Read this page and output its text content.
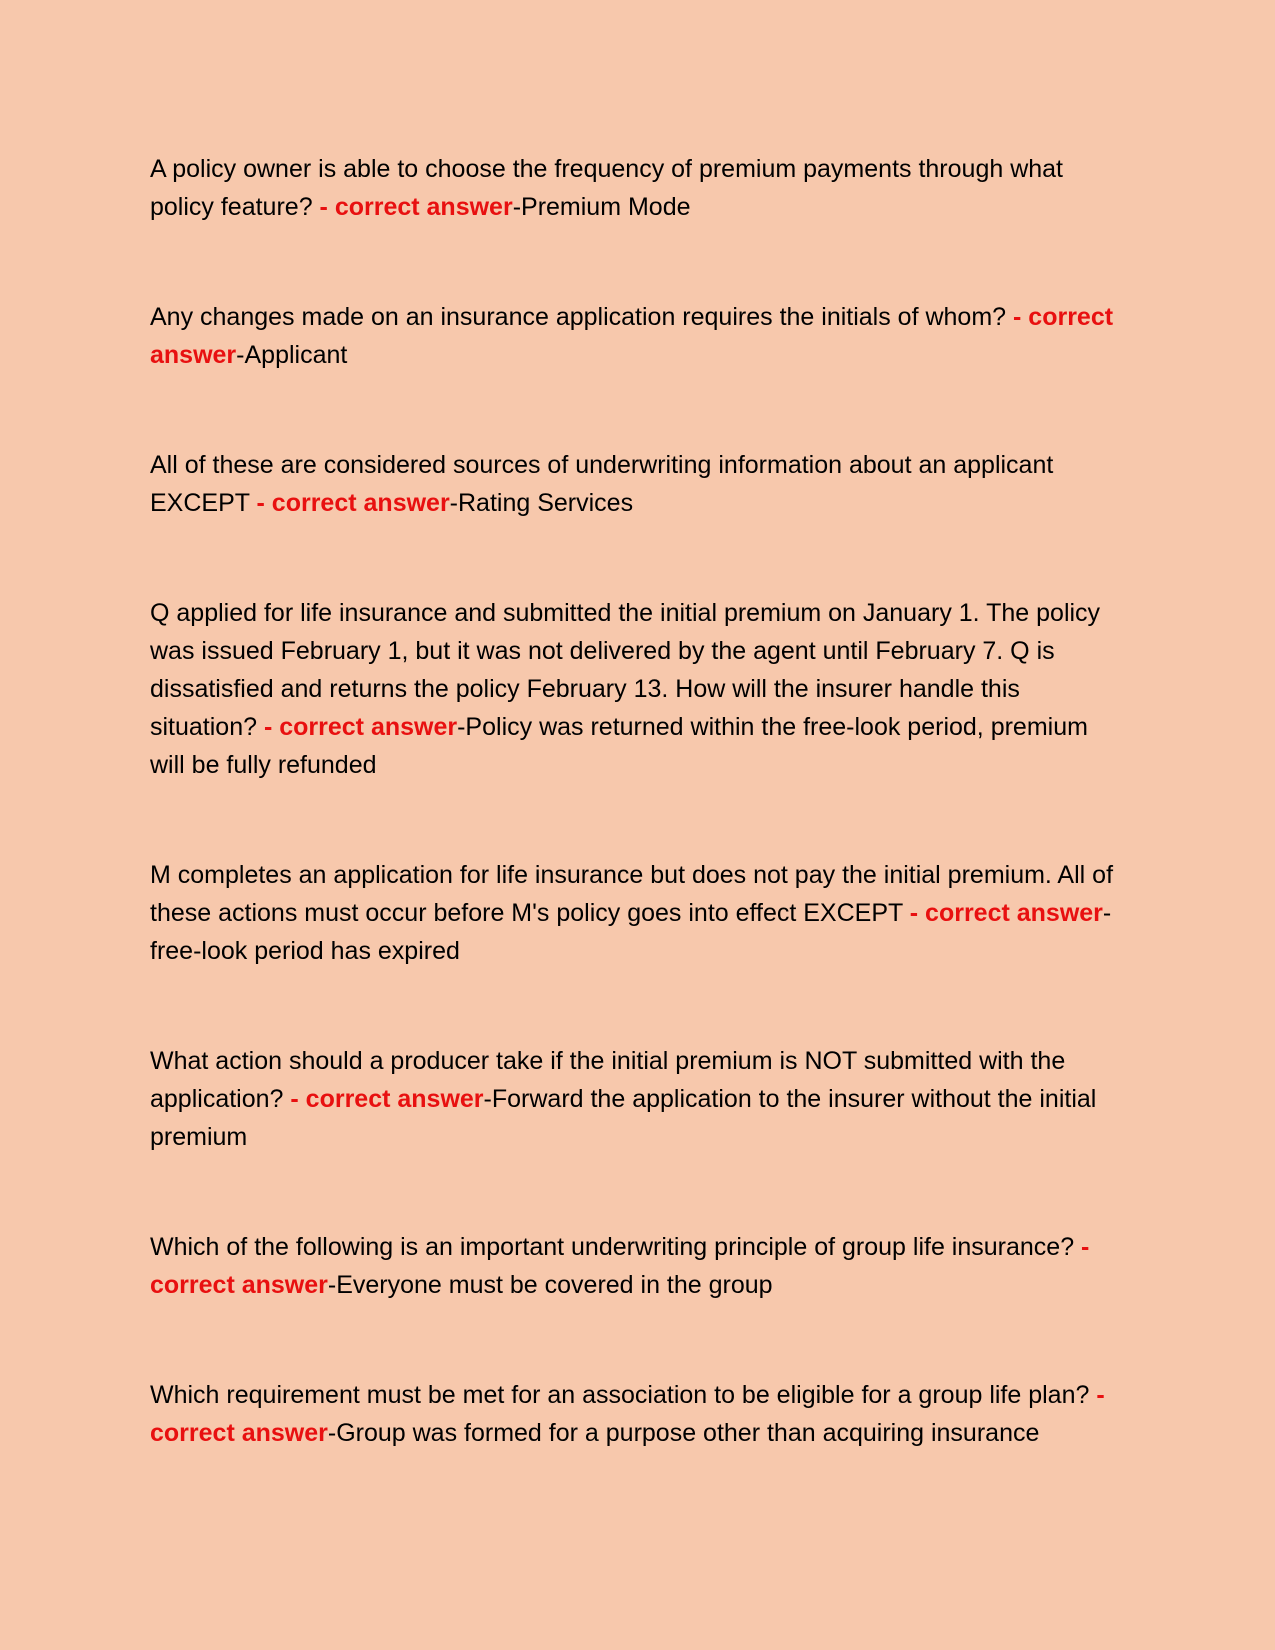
A policy owner is able to choose the frequency of premium payments through what policy feature? - correct answer-Premium Mode

Any changes made on an insurance application requires the initials of whom? - correct answer-Applicant

All of these are considered sources of underwriting information about an applicant EXCEPT - correct answer-Rating Services

Q applied for life insurance and submitted the initial premium on January 1. The policy was issued February 1, but it was not delivered by the agent until February 7. Q is dissatisfied and returns the policy February 13. How will the insurer handle this situation? - correct answer-Policy was returned within the free-look period, premium will be fully refunded

M completes an application for life insurance but does not pay the initial premium. All of these actions must occur before M's policy goes into effect EXCEPT - correct answer-free-look period has expired

What action should a producer take if the initial premium is NOT submitted with the application? - correct answer-Forward the application to the insurer without the initial premium

Which of the following is an important underwriting principle of group life insurance? - correct answer-Everyone must be covered in the group

Which requirement must be met for an association to be eligible for a group life plan? - correct answer-Group was formed for a purpose other than acquiring insurance
